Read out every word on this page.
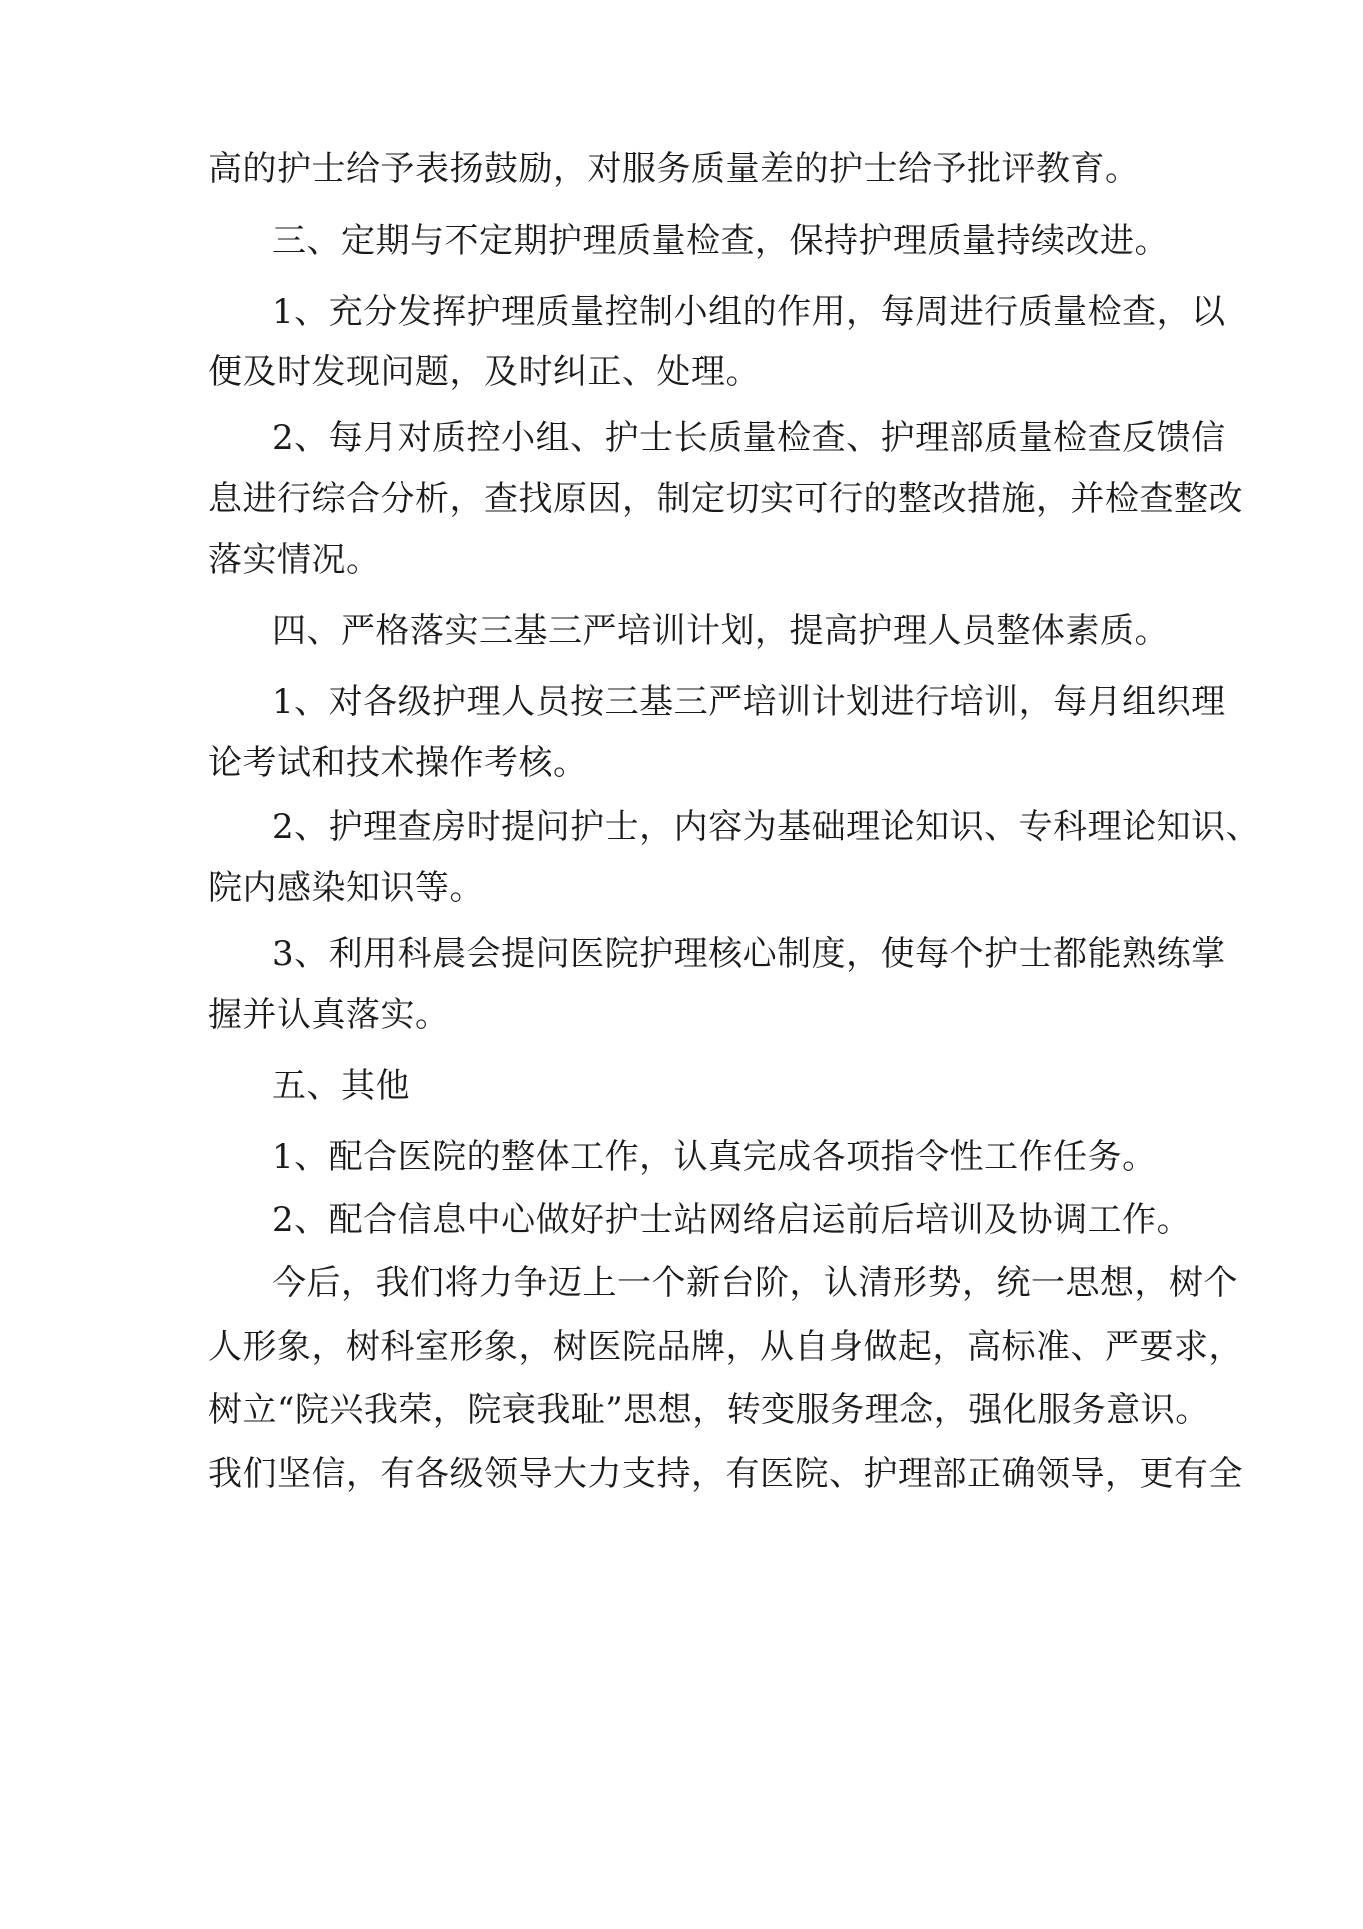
高的护士给予表扬鼓励，对服务质量差的护士给予批评教育。
三、定期与不定期护理质量检查，保持护理质量持续改进。
1、充分发挥护理质量控制小组的作用，每周进行质量检查，以
便及时发现问题，及时纠正、处理。
2、每月对质控小组、护士长质量检查、护理部质量检查反馈信
息进行综合分析，查找原因，制定切实可行的整改措施，并检查整改
落实情况。
四、严格落实三基三严培训计划，提高护理人员整体素质。
1、对各级护理人员按三基三严培训计划进行培训，每月组织理
论考试和技术操作考核。
2、护理查房时提问护士，内容为基础理论知识、专科理论知识、
院内感染知识等。
3、利用科晨会提问医院护理核心制度，使每个护士都能熟练掌
握并认真落实。
五、其他
1、配合医院的整体工作，认真完成各项指令性工作任务。
2、配合信息中心做好护士站网络启运前后培训及协调工作。
今后，我们将力争迈上一个新台阶，认清形势，统一思想，树个
人形象，树科室形象，树医院品牌，从自身做起，高标准、严要求，
树立“院兴我荣，院衰我耻”思想，转变服务理念，强化服务意识。
我们坚信，有各级领导大力支持，有医院、护理部正确领导，更有全
